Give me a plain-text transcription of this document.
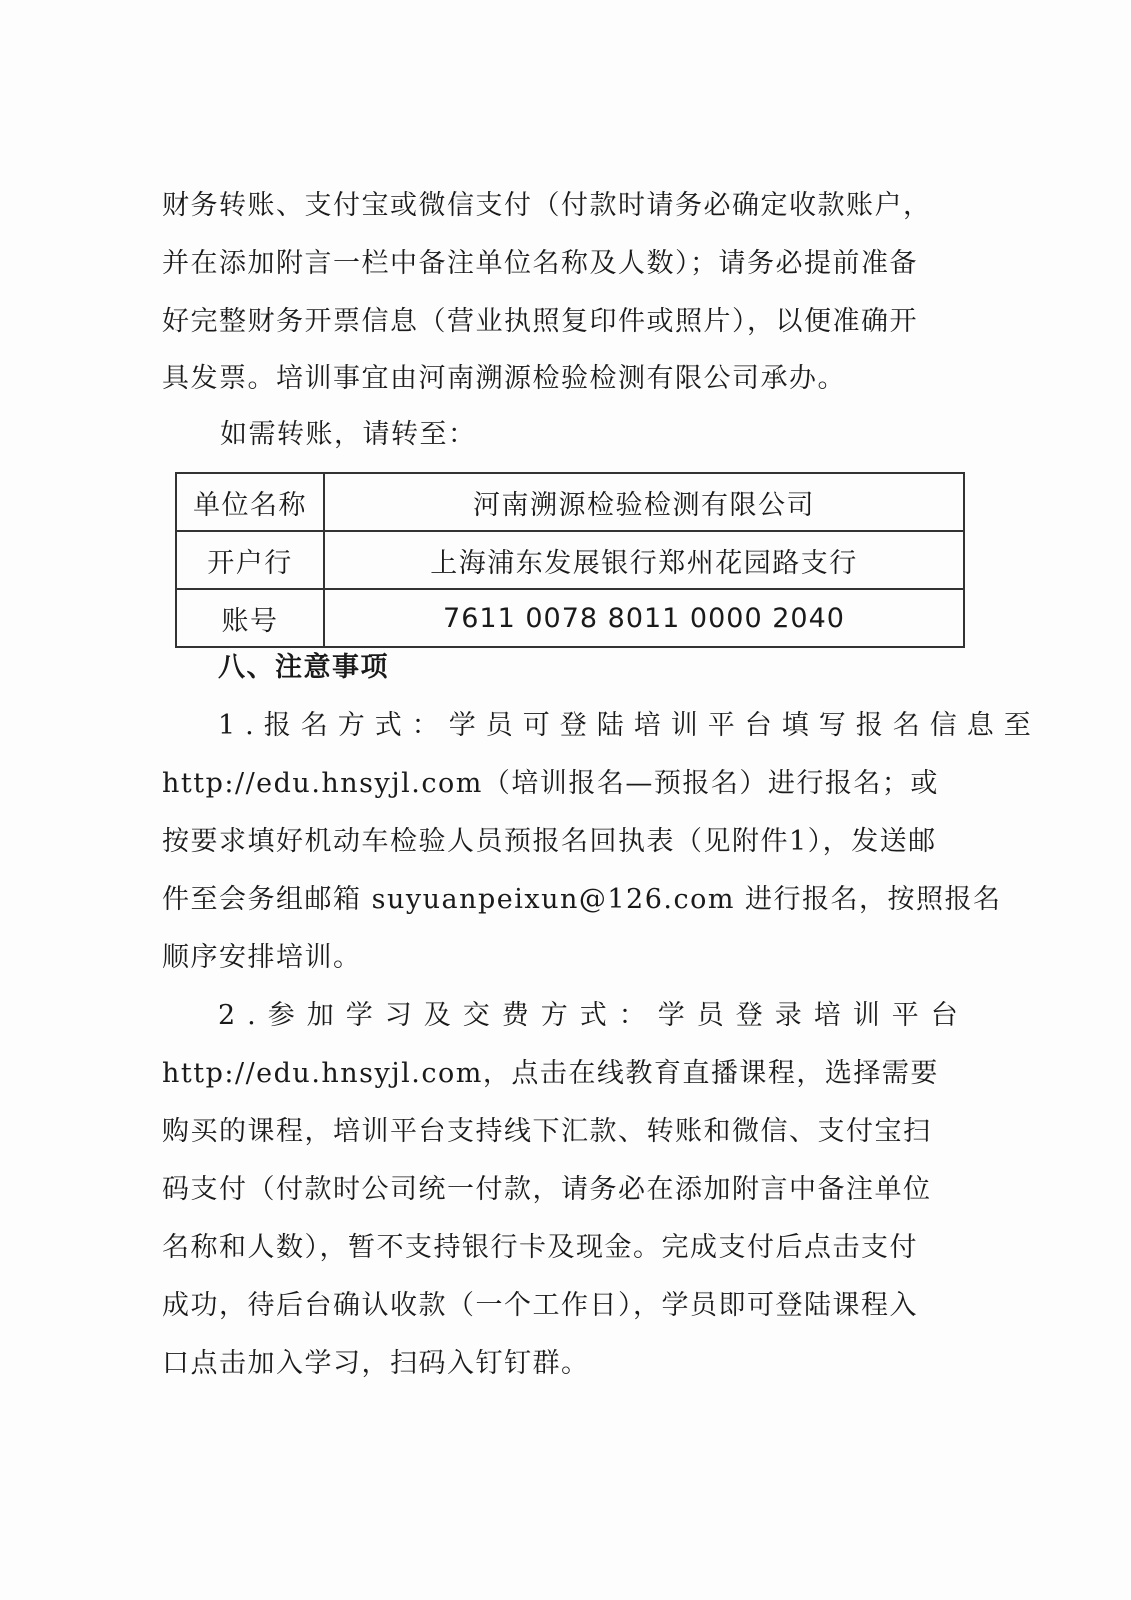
财务转账、支付宝或微信支付（付款时请务必确定收款账户，
并在添加附言一栏中备注单位名称及人数）；请务必提前准备
好完整财务开票信息（营业执照复印件或照片），以便准确开
具发票。培训事宜由河南溯源检验检测有限公司承办。
如需转账，请转至：
单位名称	河南溯源检验检测有限公司
开户行	上海浦东发展银行郑州花园路支行
账号	7611 0078 8011 0000 2040
八、注意事项
1.报名方式：学员可登陆培训平台填写报名信息至
http://edu.hnsyjl.com（培训报名—预报名）进行报名；或
按要求填好机动车检验人员预报名回执表（见附件1），发送邮
件至会务组邮箱 suyuanpeixun@126.com 进行报名，按照报名
顺序安排培训。
2.参加学习及交费方式：学员登录培训平台
http://edu.hnsyjl.com，点击在线教育直播课程，选择需要
购买的课程，培训平台支持线下汇款、转账和微信、支付宝扫
码支付（付款时公司统一付款，请务必在添加附言中备注单位
名称和人数），暂不支持银行卡及现金。完成支付后点击支付
成功，待后台确认收款（一个工作日），学员即可登陆课程入
口点击加入学习，扫码入钉钉群。
